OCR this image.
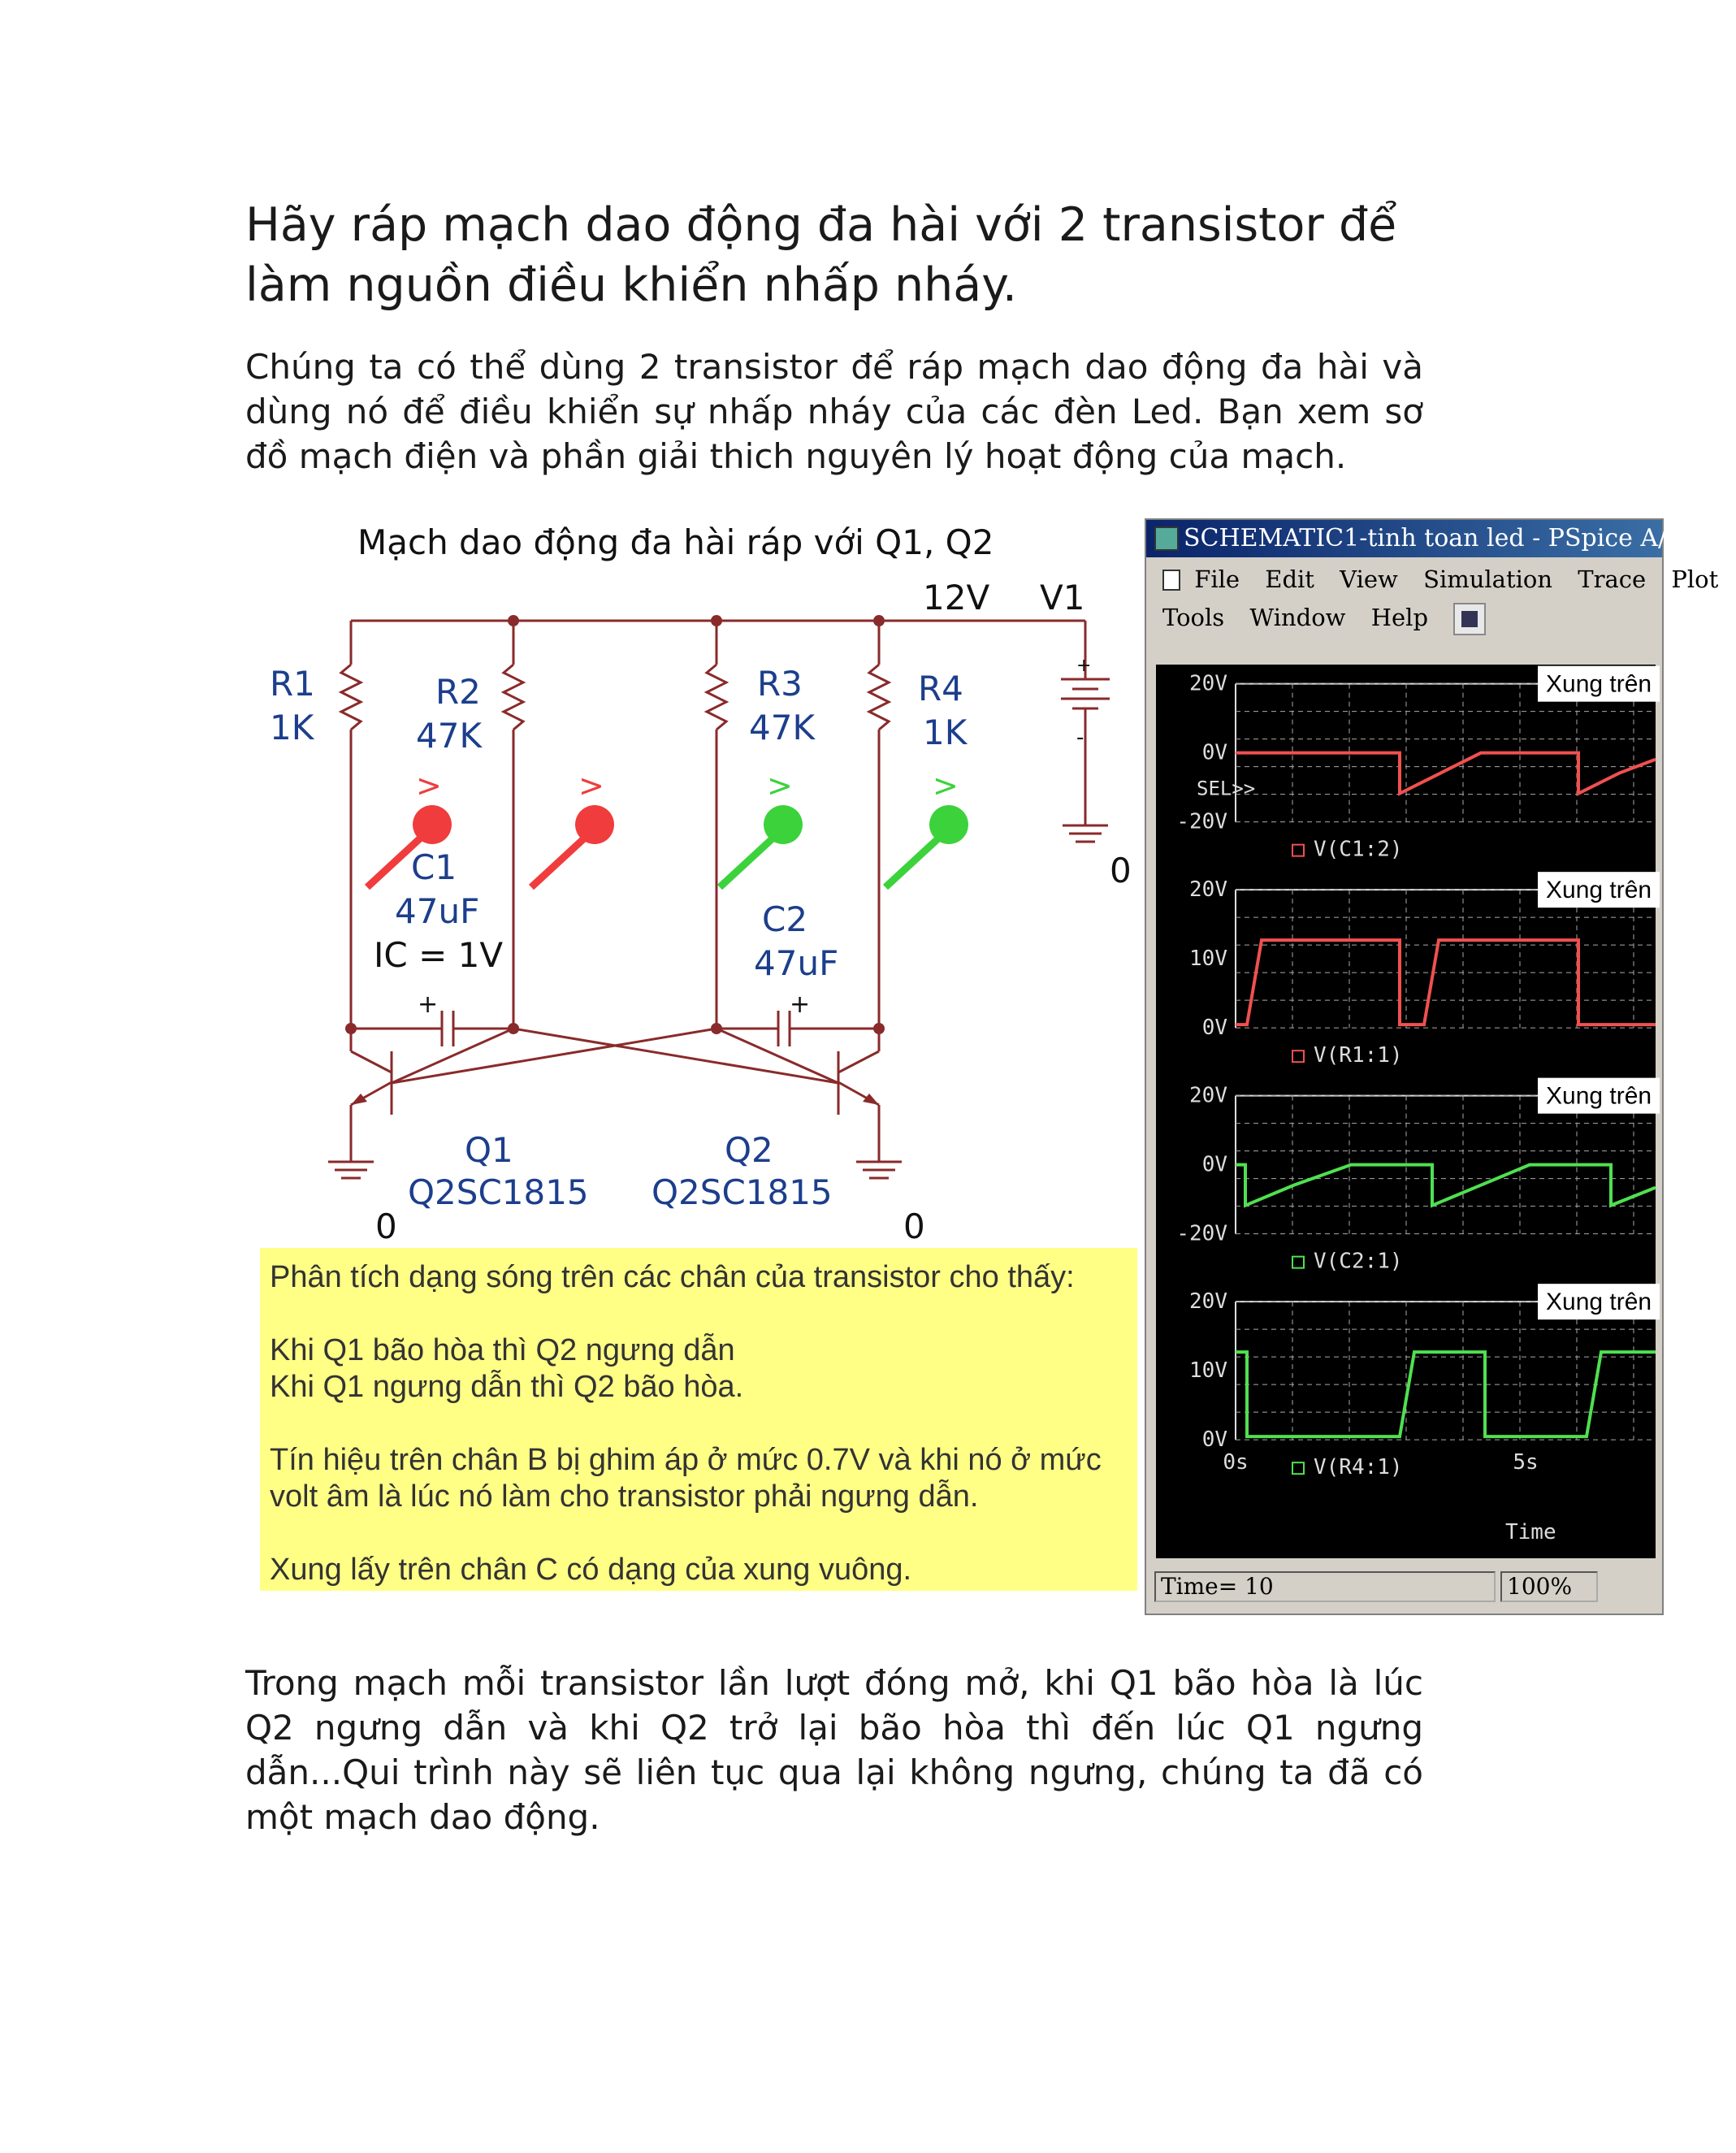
Hãy ráp mạch dao động đa hài với 2 transistor để làm nguồn điều khiển nhấp nháy.

Chúng ta có thể dùng 2 transistor để ráp mạch dao động đa hài và dùng nó để điều khiển sự nhấp nháy của các đèn Led. Bạn xem sơ đồ mạch điện và phần giải thich nguyên lý hoạt động của mạch.

Mạch dao động đa hài ráp với Q1, Q2
12V V1
+
-
0
R1
1K
R2
47K
R3
47K
R4
1K
C1
47uF
IC = 1V
C2
47uF
+	+
Q1
Q2SC1815
Q2
Q2SC1815
0	0
>	>	>	>

Phân tích dạng sóng trên các chân của transistor cho thấy:

Khi Q1 bão hòa thì Q2 ngưng dẫn

Khi Q1 ngưng dẫn thì Q2 bão hòa.

Tín hiệu trên chân B bị ghim áp ở mức 0.7V và khi nó ở mức volt âm là lúc nó làm cho transistor phải ngưng dẫn.

Xung lấy trên chân C có dạng của xung vuông.

SCHEMATIC1-tinh toan led - PSpice A/D
File Edit View Simulation Trace Plot
Tools Window Help
20V
0V
-20V
SEL>>
Xung trên
V(C1:2)
20V
10V
0V
Xung trên
V(R1:1)
20V
0V
-20V
Xung trên
V(C2:1)
20V
10V
0V
Xung trên
V(R4:1)
0s	5s
Time
Time= 10	100%

Trong mạch mỗi transistor lần lượt đóng mở, khi Q1 bão hòa là lúc Q2 ngưng dẫn và khi Q2 trở lại bão hòa thì đến lúc Q1 ngưng dẫn...Qui trình này sẽ liên tục qua lại không ngưng, chúng ta đã có một mạch dao động.
